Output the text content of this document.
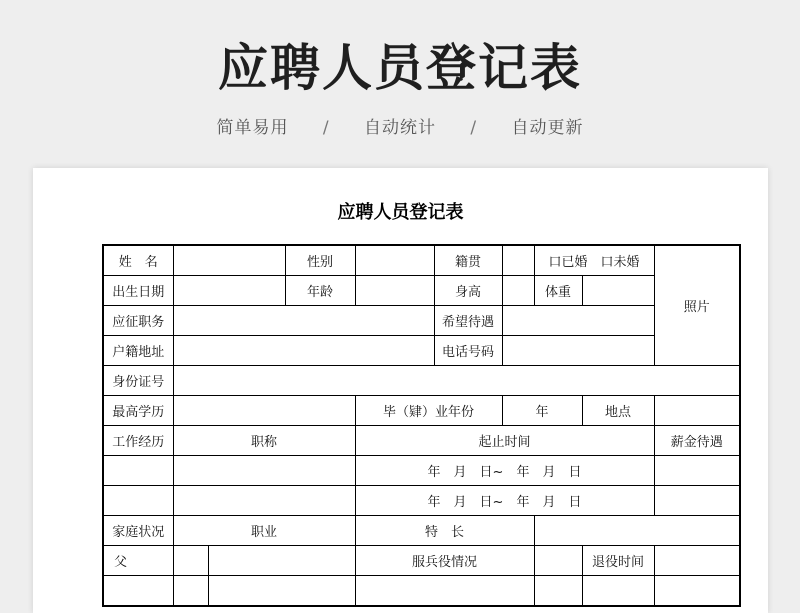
应聘人员登记表
简单易用 / 自动统计 / 自动更新
应聘人员登记表
姓　名			性别		籍贯		口已婚　口未婚		照片
出生日期			年龄		身高		体重		
应征职务					希望待遇				
户籍地址					电话号码				
身份证号									
最高学历				毕（肄）业年份		年		地点	
工作经历	职称			起止时间					薪金待遇
				年　月　日~　年　月　日					
				年　月　日~　年　月　日					
家庭状况	职业			特　长					
父				服兵役情况				退役时间	
